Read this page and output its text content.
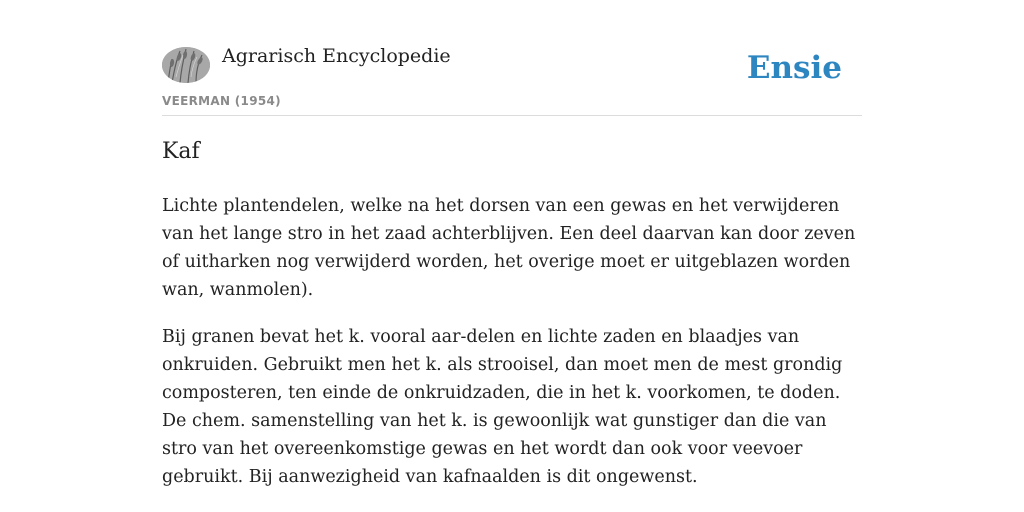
Agrarisch Encyclopedie
VEERMAN (1954)
Ensie
Kaf

Lichte plantendelen, welke na het dorsen van een gewas en het verwijderen van het lange stro in het zaad achterblijven. Een deel daarvan kan door zeven of uitharken nog verwijderd worden, het overige moet er uitgeblazen worden wan, wanmolen).

Bij granen bevat het k. vooral aar-delen en lichte zaden en blaadjes van onkruiden. Gebruikt men het k. als strooisel, dan moet men de mest grondig composteren, ten einde de onkruidzaden, die in het k. voorkomen, te doden. De chem. samenstelling van het k. is gewoonlijk wat gunstiger dan die van stro van het overeenkomstige gewas en het wordt dan ook voor veevoer gebruikt. Bij aanwezigheid van kafnaalden is dit ongewenst.
